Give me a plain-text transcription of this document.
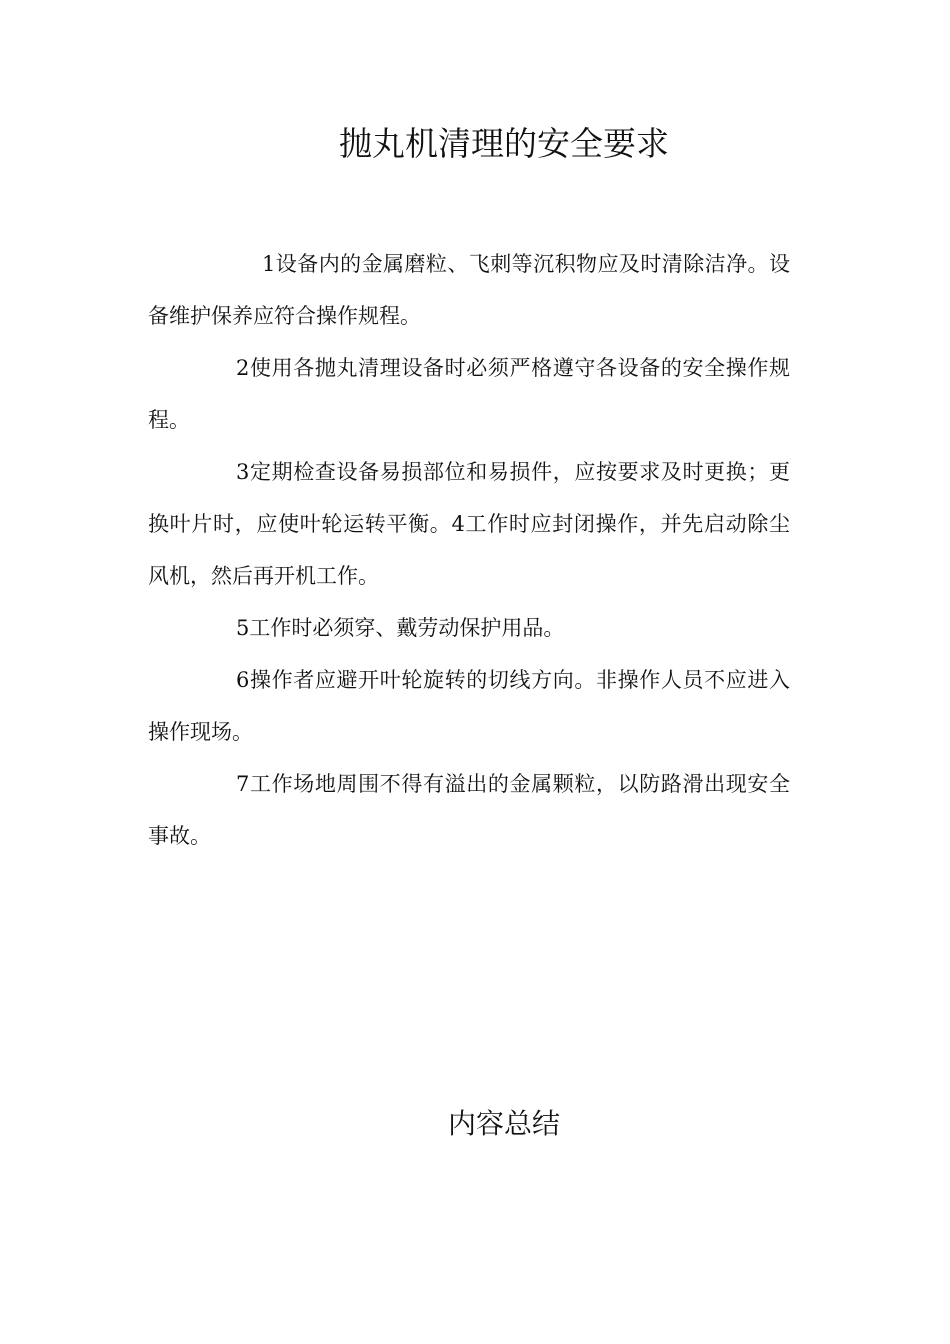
抛丸机清理的安全要求

1设备内的金属磨粒、飞刺等沉积物应及时清除洁净。设备维护保养应符合操作规程。

2使用各抛丸清理设备时必须严格遵守各设备的安全操作规程。

3定期检查设备易损部位和易损件，应按要求及时更换；更换叶片时，应使叶轮运转平衡。4工作时应封闭操作，并先启动除尘风机，然后再开机工作。

5工作时必须穿、戴劳动保护用品。

6操作者应避开叶轮旋转的切线方向。非操作人员不应进入操作现场。

7工作场地周围不得有溢出的金属颗粒，以防路滑出现安全事故。

内容总结
